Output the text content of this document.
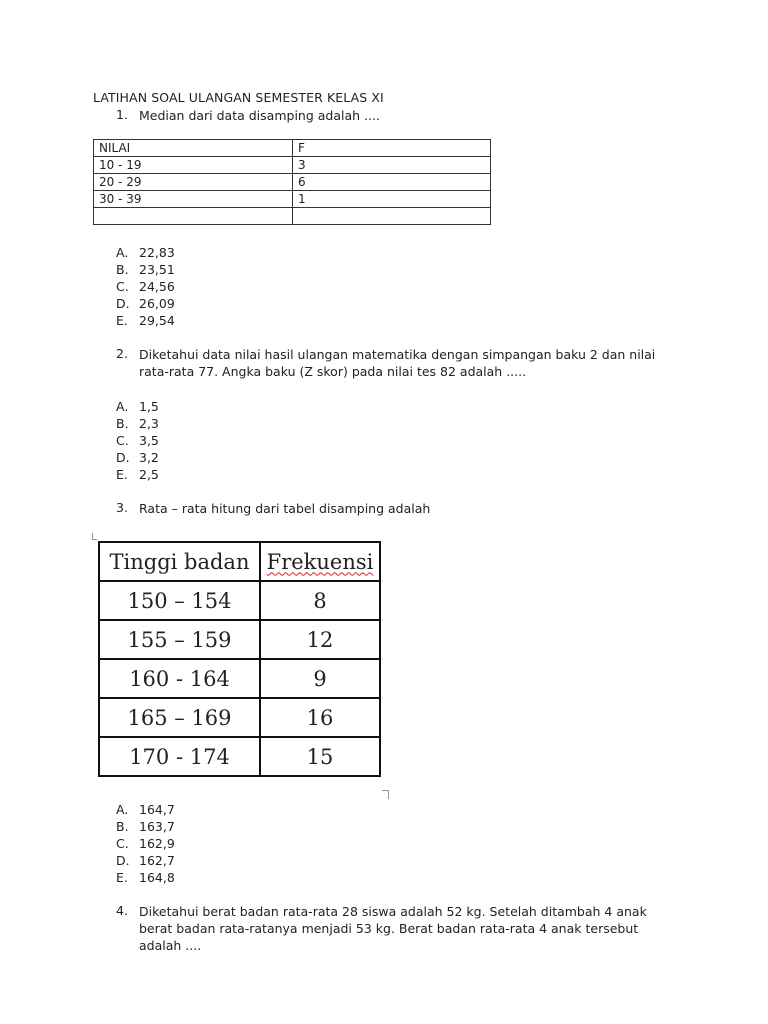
LATIHAN SOAL ULANGAN SEMESTER KELAS XI
1. Median dari data disamping adalah ....
NILAI	F
10 - 19	3
20 - 29	6
30 - 39	1

A. 22,83
B. 23,51
C. 24,56
D. 26,09
E. 29,54
2. Diketahui data nilai hasil ulangan matematika dengan simpangan baku 2 dan nilai rata-rata 77. Angka baku (Z skor) pada nilai tes 82 adalah .....
A. 1,5
B. 2,3
C. 3,5
D. 3,2
E. 2,5
3. Rata – rata hitung dari tabel disamping adalah
Tinggi badan	Frekuensi
150 – 154	8
155 – 159	12
160 - 164	9
165 – 169	16
170 - 174	15
A. 164,7
B. 163,7
C. 162,9
D. 162,7
E. 164,8
4. Diketahui berat badan rata-rata 28 siswa adalah 52 kg. Setelah ditambah 4 anak berat badan rata-ratanya menjadi 53 kg. Berat badan rata-rata 4 anak tersebut adalah ....
